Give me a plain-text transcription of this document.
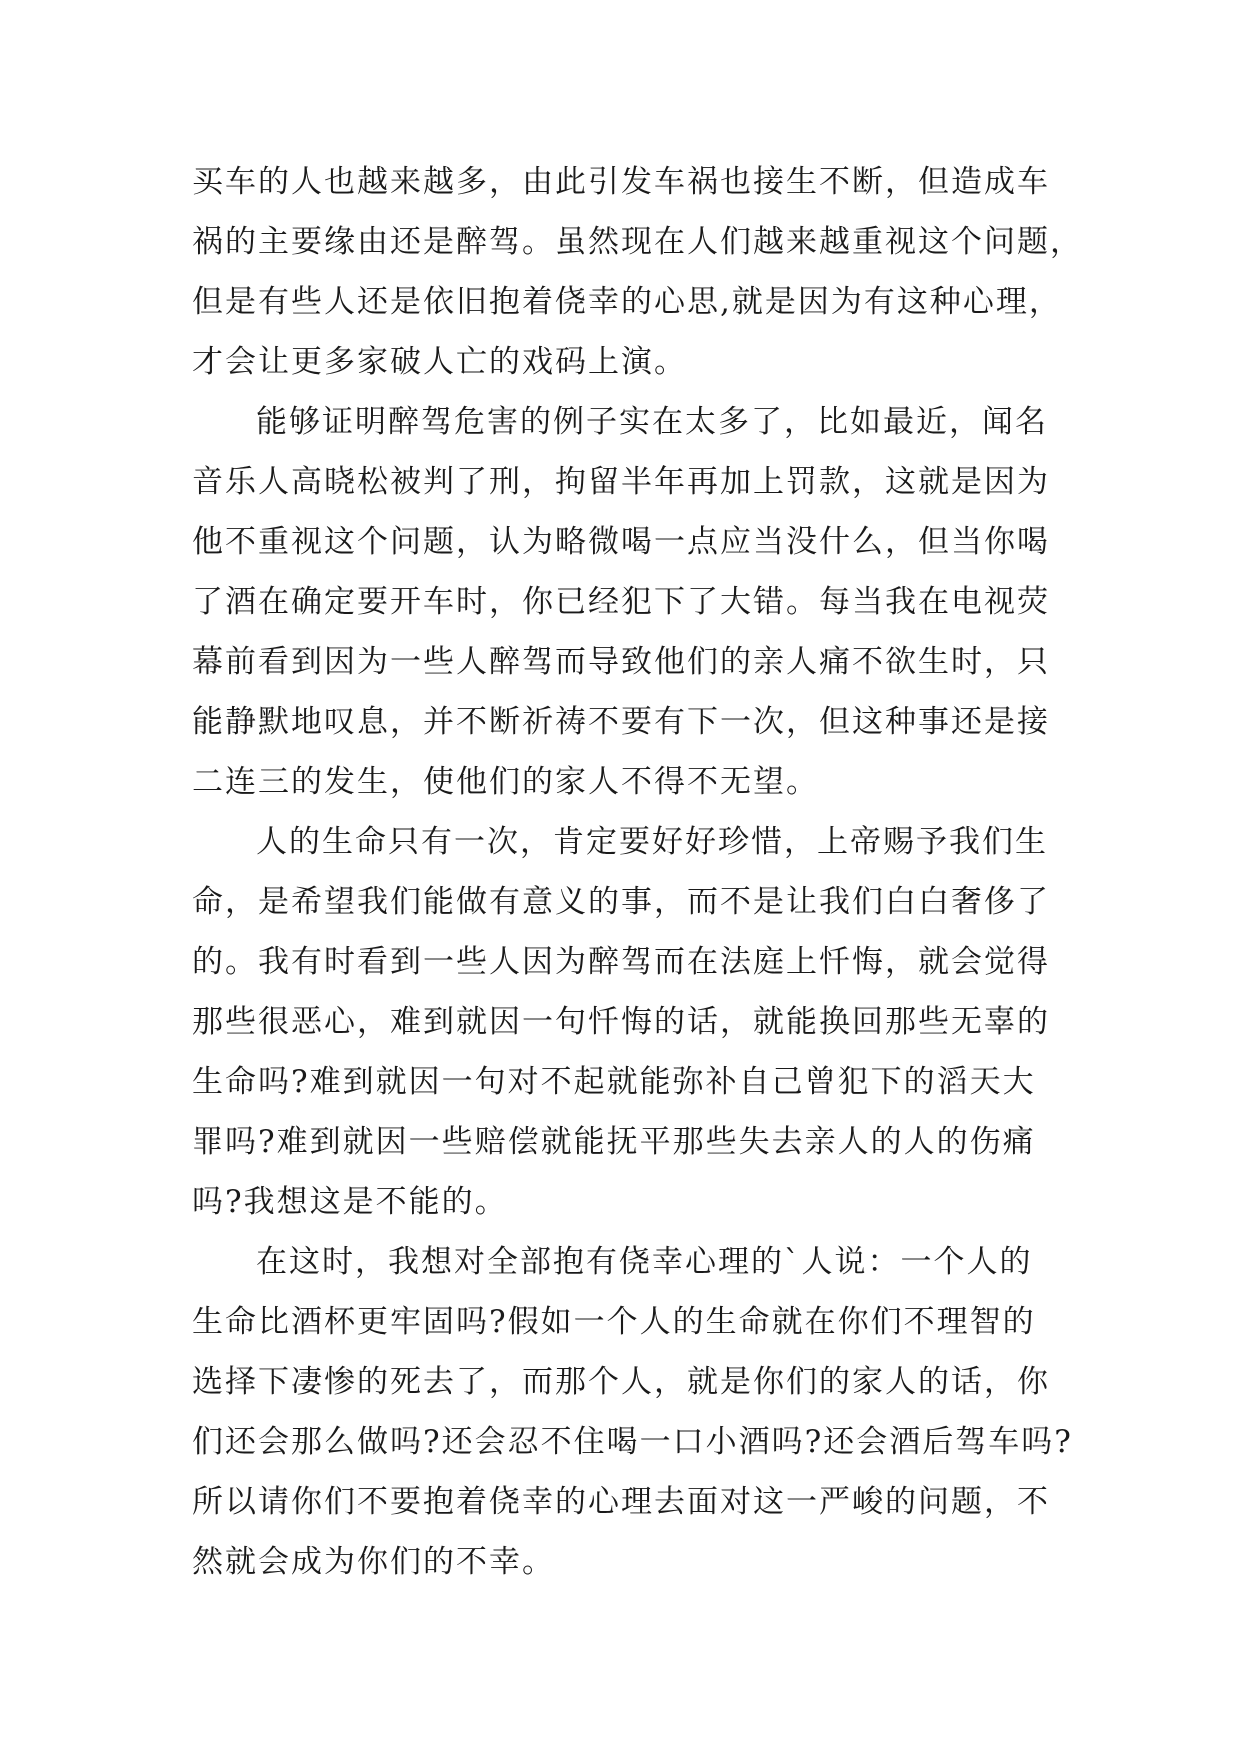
买车的人也越来越多，由此引发车祸也接生不断，但造成车
祸的主要缘由还是醉驾。虽然现在人们越来越重视这个问题，
但是有些人还是依旧抱着侥幸的心思,就是因为有这种心理，
才会让更多家破人亡的戏码上演。
能够证明醉驾危害的例子实在太多了，比如最近，闻名
音乐人高晓松被判了刑，拘留半年再加上罚款，这就是因为
他不重视这个问题，认为略微喝一点应当没什么，但当你喝
了酒在确定要开车时，你已经犯下了大错。每当我在电视荧
幕前看到因为一些人醉驾而导致他们的亲人痛不欲生时，只
能静默地叹息，并不断祈祷不要有下一次，但这种事还是接
二连三的发生，使他们的家人不得不无望。
人的生命只有一次，肯定要好好珍惜，上帝赐予我们生
命，是希望我们能做有意义的事，而不是让我们白白奢侈了
的。我有时看到一些人因为醉驾而在法庭上忏悔，就会觉得
那些很恶心，难到就因一句忏悔的话，就能换回那些无辜的
生命吗?难到就因一句对不起就能弥补自己曾犯下的滔天大
罪吗?难到就因一些赔偿就能抚平那些失去亲人的人的伤痛
吗?我想这是不能的。
在这时，我想对全部抱有侥幸心理的`人说：一个人的
生命比酒杯更牢固吗?假如一个人的生命就在你们不理智的
选择下凄惨的死去了，而那个人，就是你们的家人的话，你
们还会那么做吗?还会忍不住喝一口小酒吗?还会酒后驾车吗?
所以请你们不要抱着侥幸的心理去面对这一严峻的问题，不
然就会成为你们的不幸。
